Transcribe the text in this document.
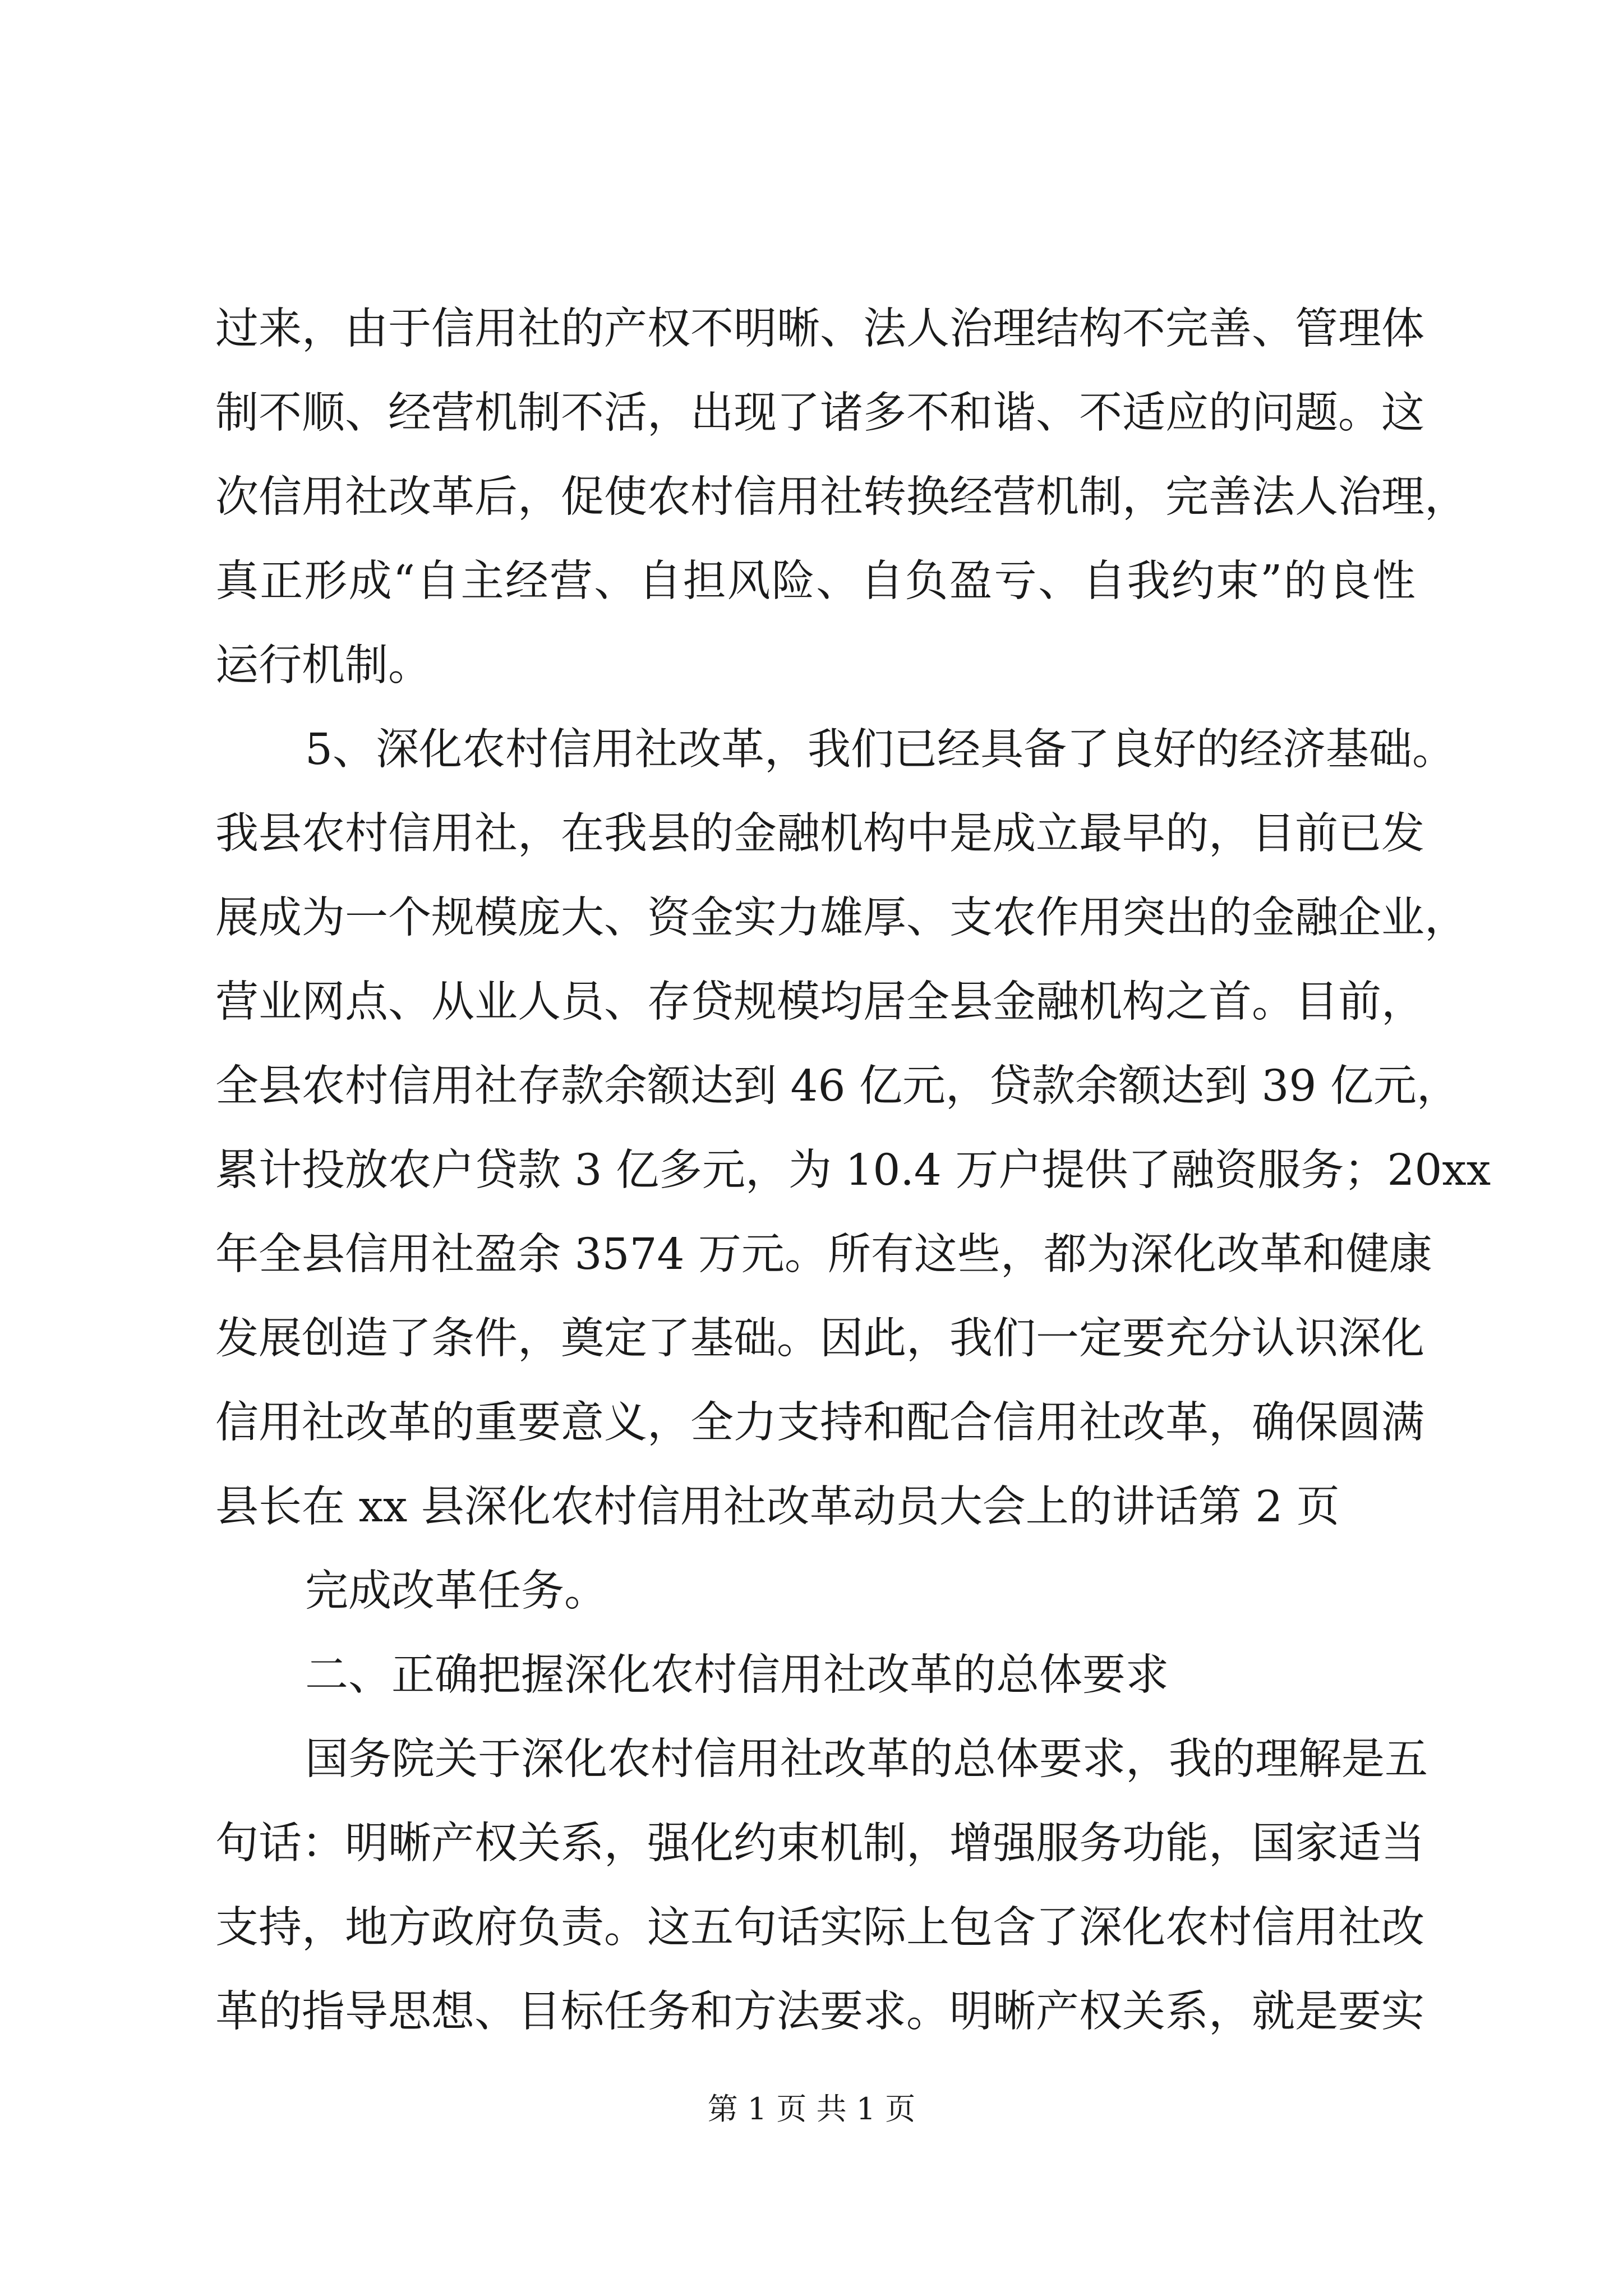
过来，由于信用社的产权不明晰、法人治理结构不完善、管理体
制不顺、经营机制不活，出现了诸多不和谐、不适应的问题。这
次信用社改革后，促使农村信用社转换经营机制，完善法人治理，
真正形成“自主经营、自担风险、自负盈亏、自我约束”的良性
运行机制。
5、深化农村信用社改革，我们已经具备了良好的经济基础。
我县农村信用社，在我县的金融机构中是成立最早的，目前已发
展成为一个规模庞大、资金实力雄厚、支农作用突出的金融企业，
营业网点、从业人员、存贷规模均居全县金融机构之首。目前，
全县农村信用社存款余额达到 46 亿元，贷款余额达到 39 亿元，
累计投放农户贷款 3 亿多元，为 10.4 万户提供了融资服务；20xx
年全县信用社盈余 3574 万元。所有这些，都为深化改革和健康
发展创造了条件，奠定了基础。因此，我们一定要充分认识深化
信用社改革的重要意义，全力支持和配合信用社改革，确保圆满
县长在 xx 县深化农村信用社改革动员大会上的讲话第 2 页
完成改革任务。
二、正确把握深化农村信用社改革的总体要求
国务院关于深化农村信用社改革的总体要求，我的理解是五
句话：明晰产权关系，强化约束机制，增强服务功能，国家适当
支持，地方政府负责。这五句话实际上包含了深化农村信用社改
革的指导思想、目标任务和方法要求。明晰产权关系，就是要实
第 1 页 共 1 页
